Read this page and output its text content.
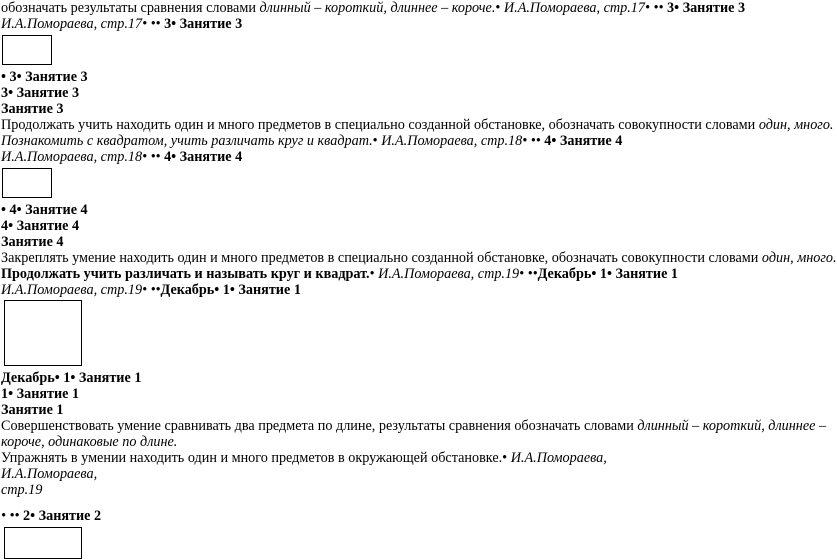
обозначать результаты сравнения словами длинный – короткий, длиннее – короче.• И.А.Помораева, стр.17• •• 3• Занятие 3
И.А.Помораева, стр.17• •• 3• Занятие 3
• 3• Занятие 3
3• Занятие 3
Занятие 3
Продолжать учить находить один и много предметов в специально созданной обстановке, обозначать совокупности словами один, много.
Познакомить с квадратом, учить различать круг и квадрат.• И.А.Помораева, стр.18• •• 4• Занятие 4
И.А.Помораева, стр.18• •• 4• Занятие 4
• 4• Занятие 4
4• Занятие 4
Занятие 4
Закреплять умение находить один и много предметов в специально созданной обстановке, обозначать совокупности словами один, много.
Продолжать учить различать и называть круг и квадрат.• И.А.Помораева, стр.19• ••Декабрь• 1• Занятие 1
И.А.Помораева, стр.19• ••Декабрь• 1• Занятие 1
Декабрь• 1• Занятие 1
1• Занятие 1
Занятие 1
Совершенствовать умение сравнивать два предмета по длине, результаты сравнения обозначать словами длинный – короткий, длиннее –
короче, одинаковые по длине.
Упражнять в умении находить один и много предметов в окружающей обстановке.• И.А.Помораева,
И.А.Помораева,
стр.19
• •• 2• Занятие 2
